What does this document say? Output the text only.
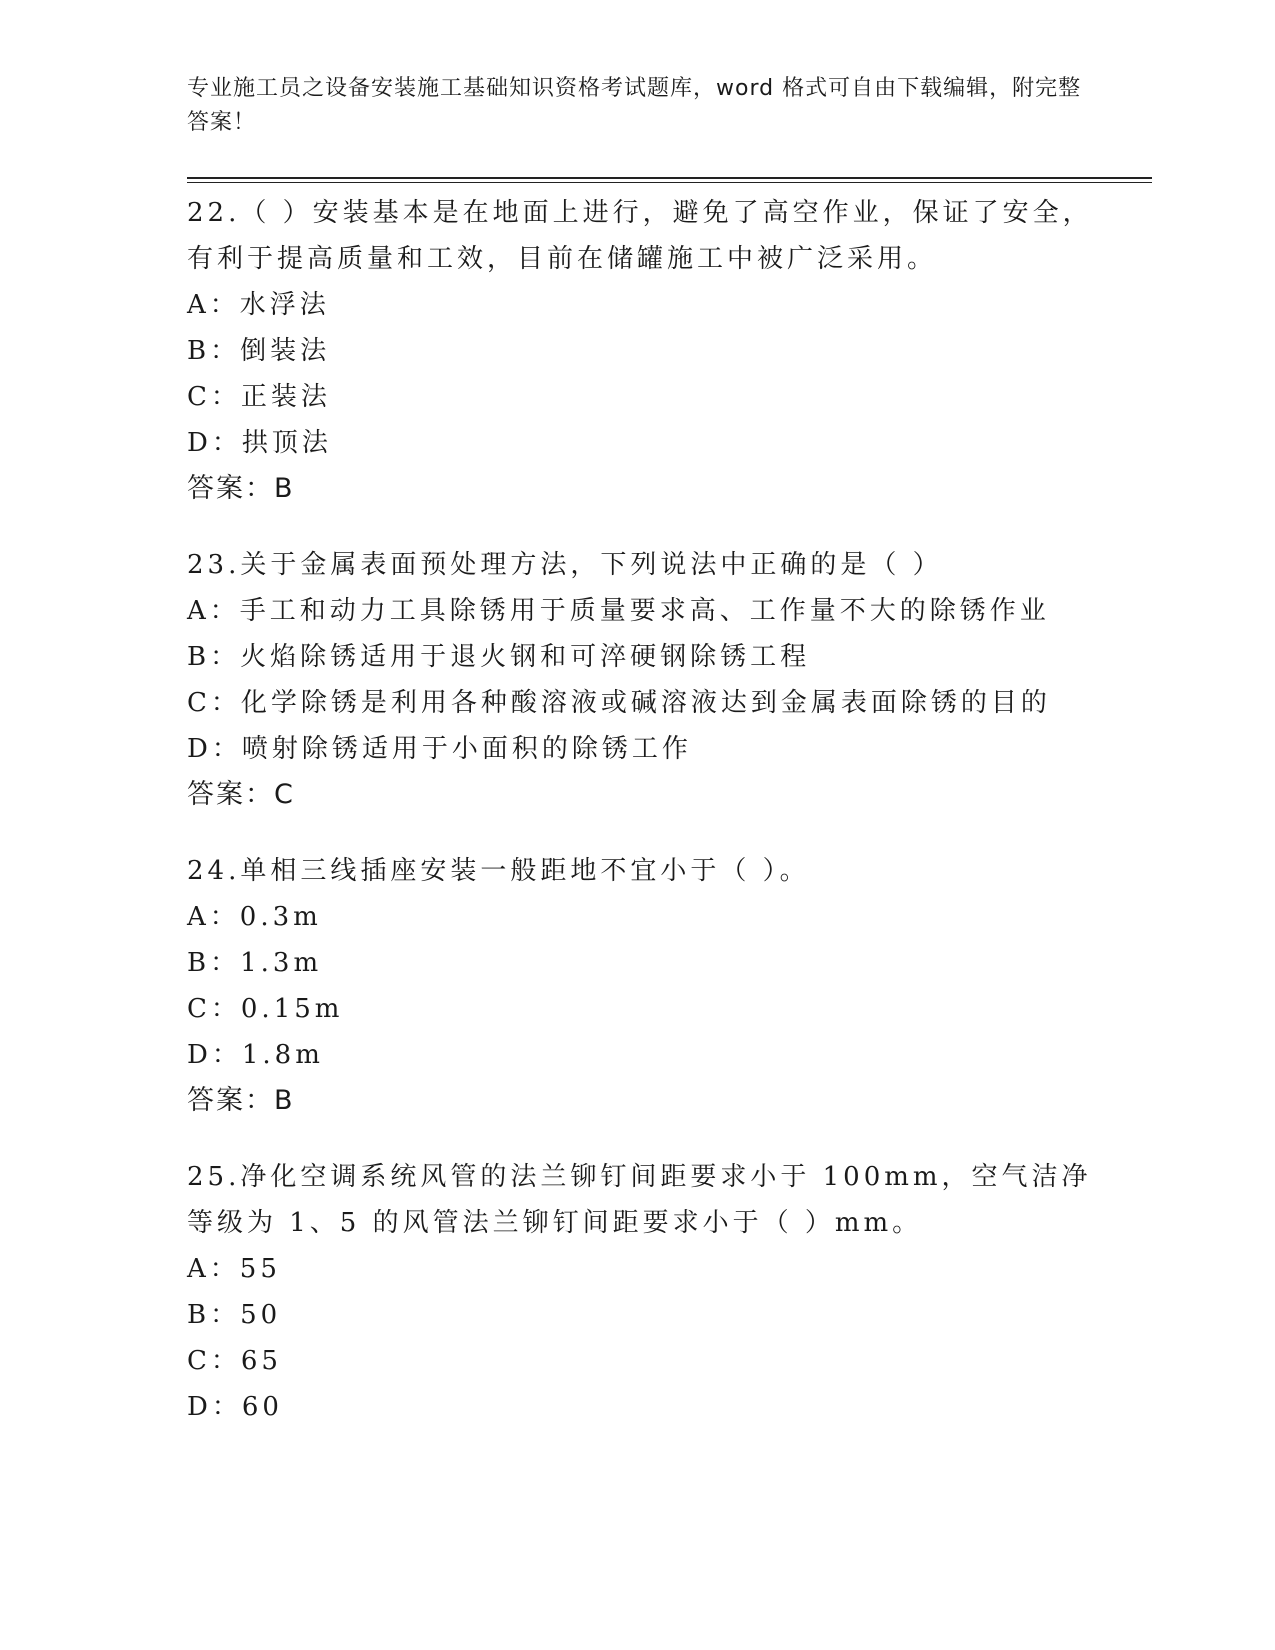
专业施工员之设备安装施工基础知识资格考试题库，word 格式可自由下载编辑，附完整答案！
22.（ ）安装基本是在地面上进行，避免了高空作业，保证了安全，有利于提高质量和工效，目前在储罐施工中被广泛采用。
A：水浮法
B：倒装法
C：正装法
D：拱顶法
答案：B
23.关于金属表面预处理方法，下列说法中正确的是（ ）
A：手工和动力工具除锈用于质量要求高、工作量不大的除锈作业
B：火焰除锈适用于退火钢和可淬硬钢除锈工程
C：化学除锈是利用各种酸溶液或碱溶液达到金属表面除锈的目的
D：喷射除锈适用于小面积的除锈工作
答案：C
24.单相三线插座安装一般距地不宜小于（ ）。
A：0.3m
B：1.3m
C：0.15m
D：1.8m
答案：B
25.净化空调系统风管的法兰铆钉间距要求小于 100mm，空气洁净等级为 1、5 的风管法兰铆钉间距要求小于（ ）mm。
A：55
B：50
C：65
D：60
